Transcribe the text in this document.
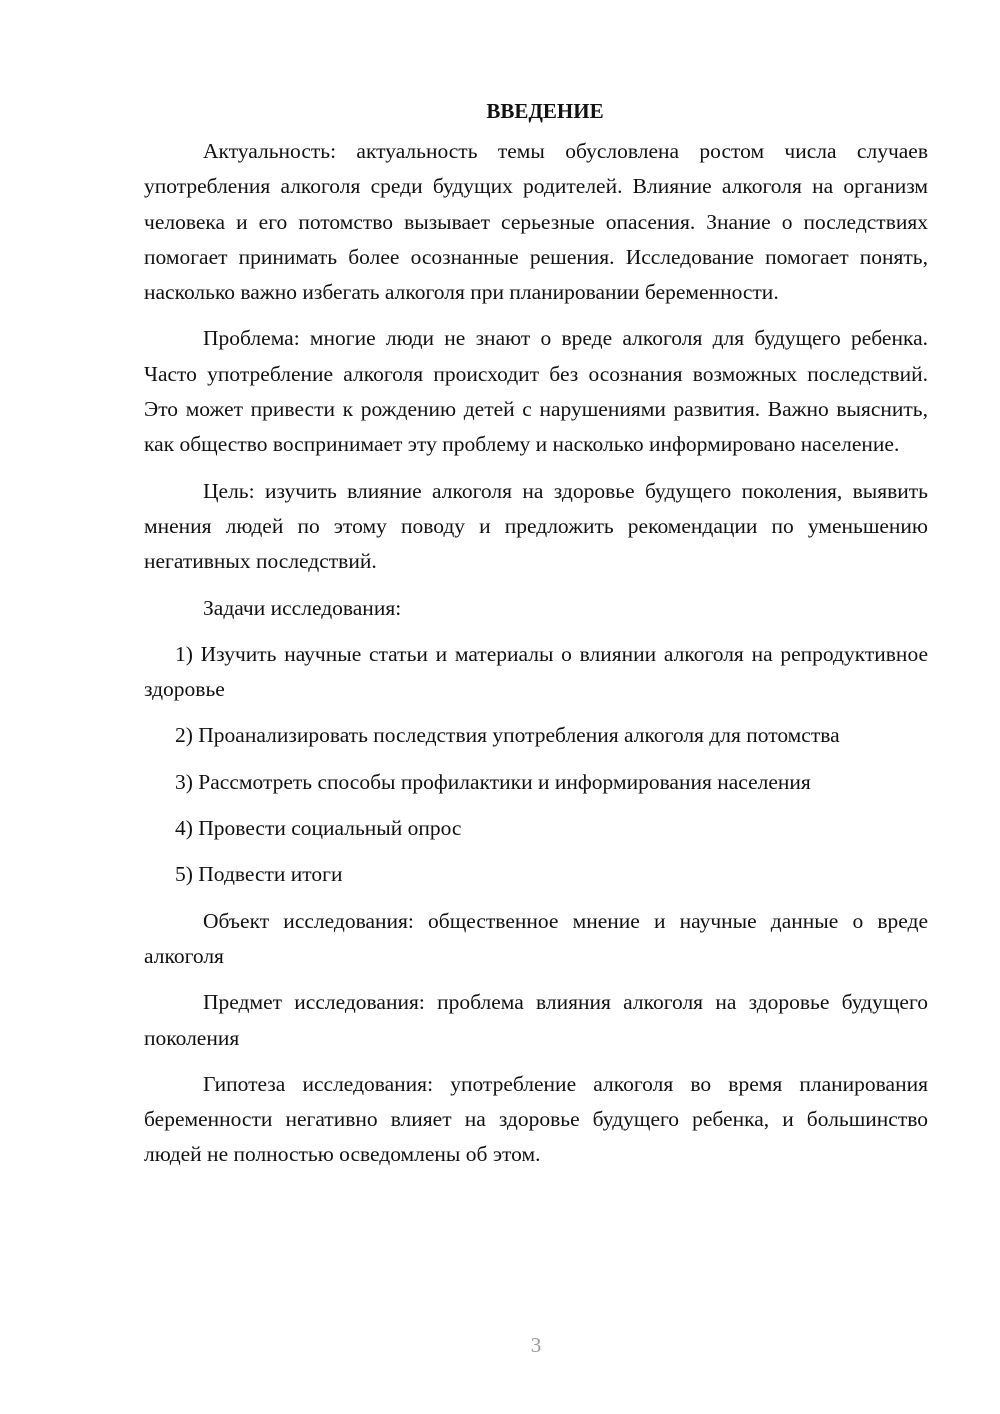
ВВЕДЕНИЕ

Актуальность: актуальность темы обусловлена ростом числа случаев употребления алкоголя среди будущих родителей. Влияние алкоголя на организм человека и его потомство вызывает серьезные опасения. Знание о последствиях помогает принимать более осознанные решения. Исследование помогает понять, насколько важно избегать алкоголя при планировании беременности.

Проблема: многие люди не знают о вреде алкоголя для будущего ребенка. Часто употребление алкоголя происходит без осознания возможных последствий. Это может привести к рождению детей с нарушениями развития. Важно выяснить, как общество воспринимает эту проблему и насколько информировано население.

Цель: изучить влияние алкоголя на здоровье будущего поколения, выявить мнения людей по этому поводу и предложить рекомендации по уменьшению негативных последствий.

Задачи исследования:

1) Изучить научные статьи и материалы о влиянии алкоголя на репродуктивное здоровье

2) Проанализировать последствия употребления алкоголя для потомства

3) Рассмотреть способы профилактики и информирования населения

4) Провести социальный опрос

5) Подвести итоги

Объект исследования: общественное мнение и научные данные о вреде алкоголя

Предмет исследования: проблема влияния алкоголя на здоровье будущего поколения

Гипотеза исследования: употребление алкоголя во время планирования беременности негативно влияет на здоровье будущего ребенка, и большинство людей не полностью осведомлены об этом.

3
